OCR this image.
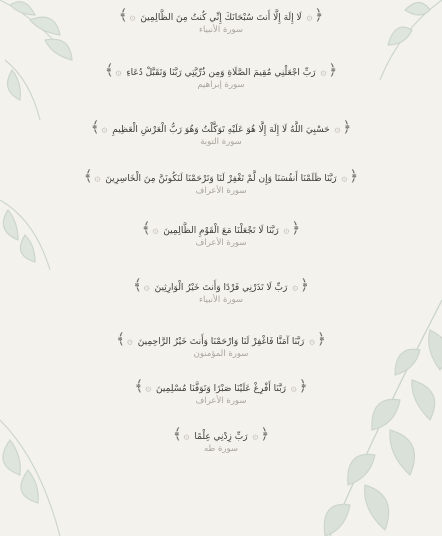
﴿۞ لَا إِلَهَ إِلَّا أَنتَ سُبْحَانَكَ إِنِّي كُنتُ مِنَ الظَّالِمِينَ ۞﴾
سورة الأنبياء
﴿۞ رَبِّ اجْعَلْنِي مُقِيمَ الصَّلَاةِ وَمِن ذُرِّيَّتِي رَبَّنَا وَتَقَبَّلْ دُعَاءِ ۞﴾
سورة إبراهيم
﴿۞ حَسْبِيَ اللَّهُ لَا إِلَهَ إِلَّا هُوَ عَلَيْهِ تَوَكَّلْتُ وَهُوَ رَبُّ الْعَرْشِ الْعَظِيمِ ۞﴾
سورة التوبة
﴿۞ رَبَّنَا ظَلَمْنَا أَنفُسَنَا وَإِن لَّمْ تَغْفِرْ لَنَا وَتَرْحَمْنَا لَنَكُونَنَّ مِنَ الْخَاسِرِينَ ۞﴾
سورة الأعراف
﴿۞ رَبَّنَا لَا تَجْعَلْنَا مَعَ الْقَوْمِ الظَّالِمِينَ ۞﴾
سورة الأعراف
﴿۞ رَبِّ لَا تَذَرْنِي فَرْدًا وَأَنتَ خَيْرُ الْوَارِثِينَ ۞﴾
سورة الأنبياء
﴿۞ رَبَّنَا آمَنَّا فَاغْفِرْ لَنَا وَارْحَمْنَا وَأَنتَ خَيْرُ الرَّاحِمِينَ ۞﴾
سورة المؤمنون
﴿۞ رَبَّنَا أَفْرِغْ عَلَيْنَا صَبْرًا وَتَوَفَّنَا مُسْلِمِينَ ۞﴾
سورة الأعراف
﴿۞ رَبِّ زِدْنِي عِلْمًا ۞﴾
سورة طه
